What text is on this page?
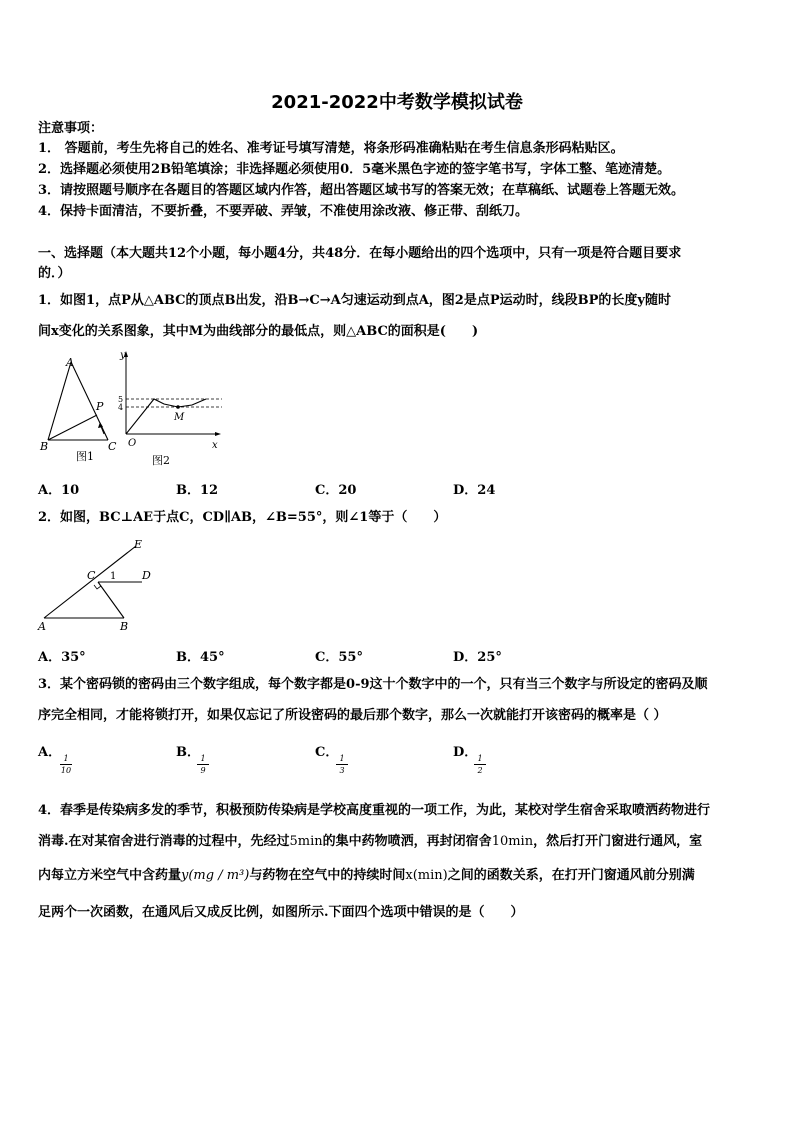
2021-2022中考数学模拟试卷
注意事项：
1． 答题前，考生先将自己的姓名、准考证号填写清楚，将条形码准确粘贴在考生信息条形码粘贴区。
2．选择题必须使用2B铅笔填涂；非选择题必须使用0．5毫米黑色字迹的签字笔书写，字体工整、笔迹清楚。
3．请按照题号顺序在各题目的答题区域内作答，超出答题区域书写的答案无效；在草稿纸、试题卷上答题无效。
4．保持卡面清洁，不要折叠，不要弄破、弄皱，不准使用涂改液、修正带、刮纸刀。
一、选择题（本大题共12个小题，每小题4分，共48分．在每小题给出的四个选项中，只有一项是符合题目要求
的．）
1．如图1，点P从△ABC的顶点B出发，沿B→C→A匀速运动到点A，图2是点P运动时，线段BP的长度y随时
间x变化的关系图象，其中M为曲线部分的最低点，则△ABC的面积是(　　)
A
B	C
P
图1
y
x
O
M
5
4
图2
A．10	B．12	C．20	D．24
2．如图，BC⊥AE于点C，CD∥AB，∠B=55°，则∠1等于（　　）
E
C 1 D
A	B
A．35°	B．45°	C．55°	D．25°
3．某个密码锁的密码由三个数字组成，每个数字都是0-9这十个数字中的一个，只有当三个数字与所设定的密码及顺
序完全相同，才能将锁打开，如果仅忘记了所设密码的最后那个数字，那么一次就能打开该密码的概率是（ ）
A． 1
10
B． 1
9
C． 1
3
D． 1
2
4．春季是传染病多发的季节，积极预防传染病是学校高度重视的一项工作，为此，某校对学生宿舍采取喷洒药物进行
消毒.在对某宿舍进行消毒的过程中，先经过5min的集中药物喷洒，再封闭宿舍10min，然后打开门窗进行通风，室
内每立方米空气中含药量y(mg / m³)与药物在空气中的持续时间x(min)之间的函数关系，在打开门窗通风前分别满
足两个一次函数，在通风后又成反比例，如图所示.下面四个选项中错误的是（　　）
